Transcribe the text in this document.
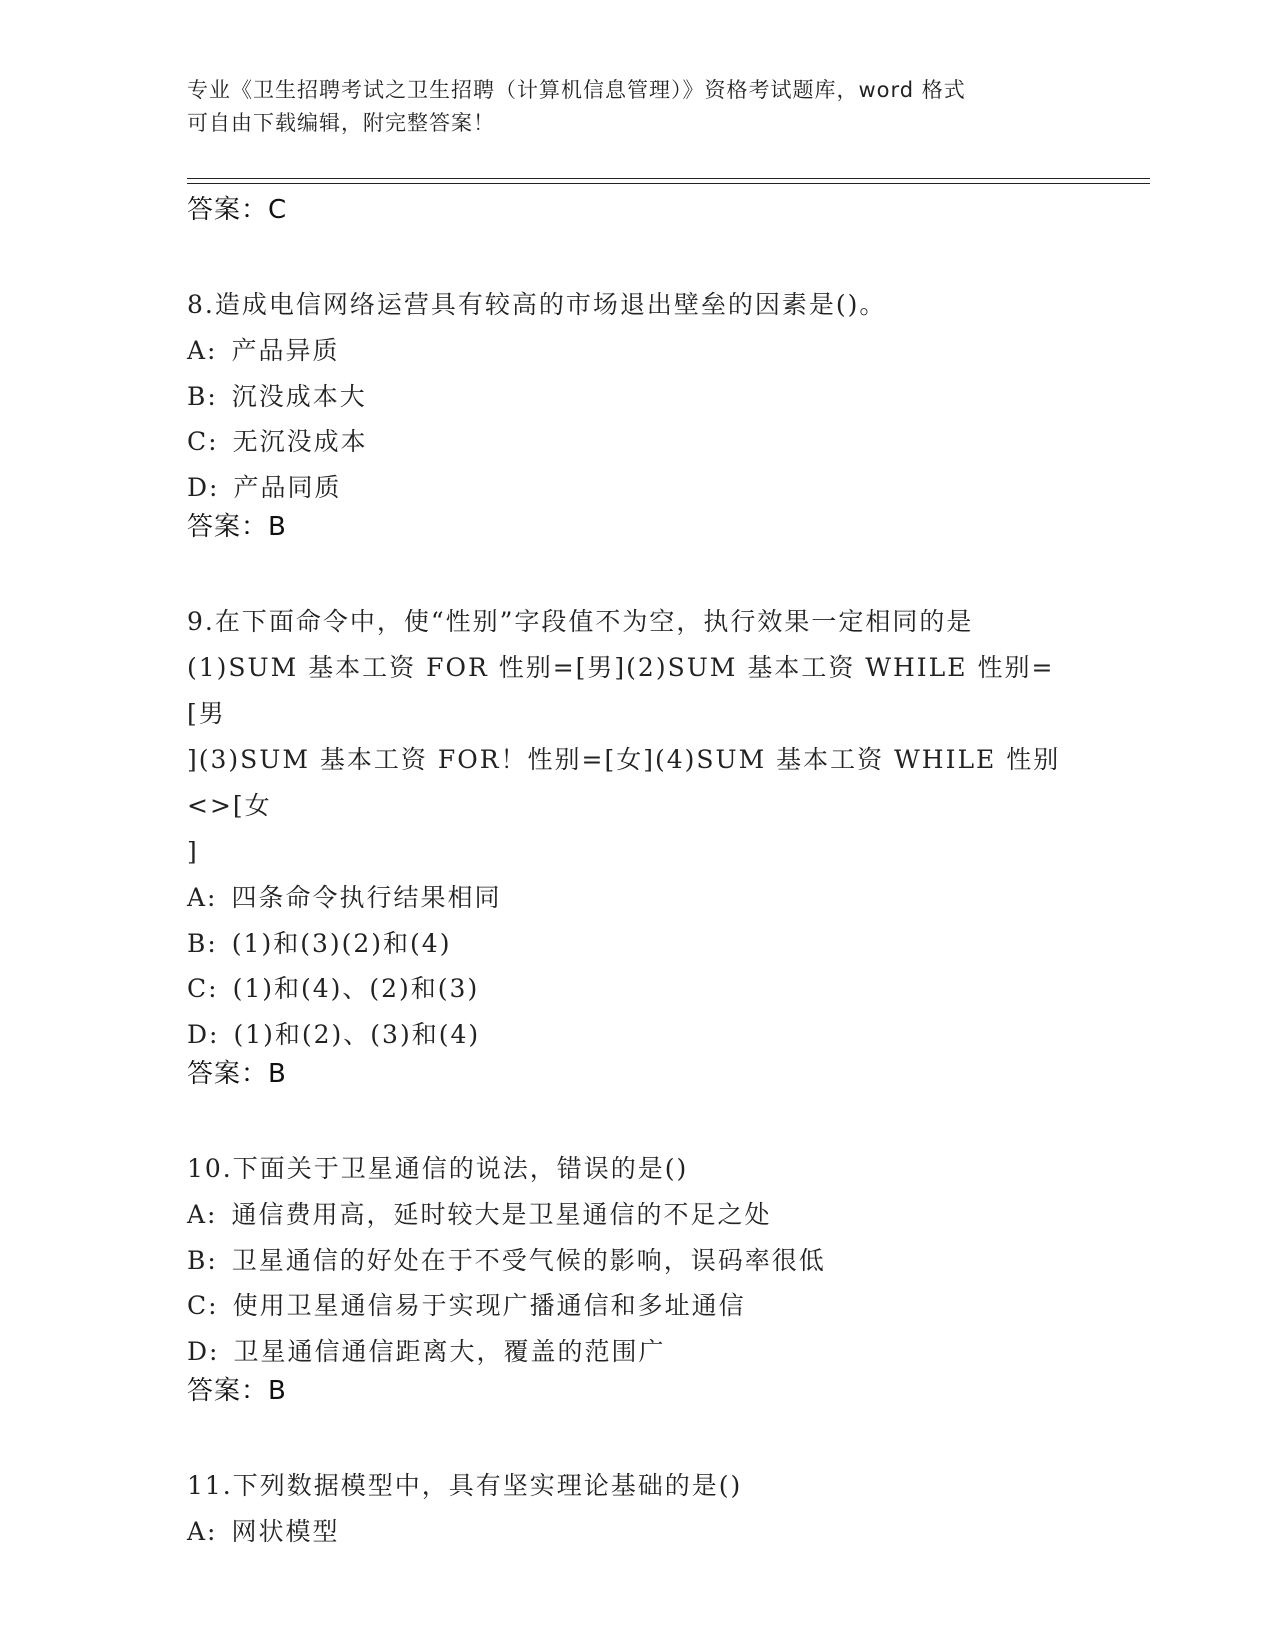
专业《卫生招聘考试之卫生招聘（计算机信息管理）》资格考试题库，word 格式
可自由下载编辑，附完整答案！
答案：C
8.造成电信网络运营具有较高的市场退出壁垒的因素是()。
A: 产品异质
B: 沉没成本大
C: 无沉没成本
D: 产品同质
答案：B
9.在下面命令中，使“性别”字段值不为空，执行效果一定相同的是
(1)SUM 基本工资 FOR 性别=[男](2)SUM 基本工资 WHILE 性别=[男
](3)SUM 基本工资 FOR！性别=[女](4)SUM 基本工资 WHILE 性别<>[女
]
A: 四条命令执行结果相同
B: (1)和(3)(2)和(4)
C: (1)和(4)、(2)和(3)
D: (1)和(2)、(3)和(4)
答案：B
10.下面关于卫星通信的说法，错误的是()
A: 通信费用高，延时较大是卫星通信的不足之处
B: 卫星通信的好处在于不受气候的影响，误码率很低
C: 使用卫星通信易于实现广播通信和多址通信
D: 卫星通信通信距离大，覆盖的范围广
答案：B
11.下列数据模型中，具有坚实理论基础的是()
A: 网状模型
